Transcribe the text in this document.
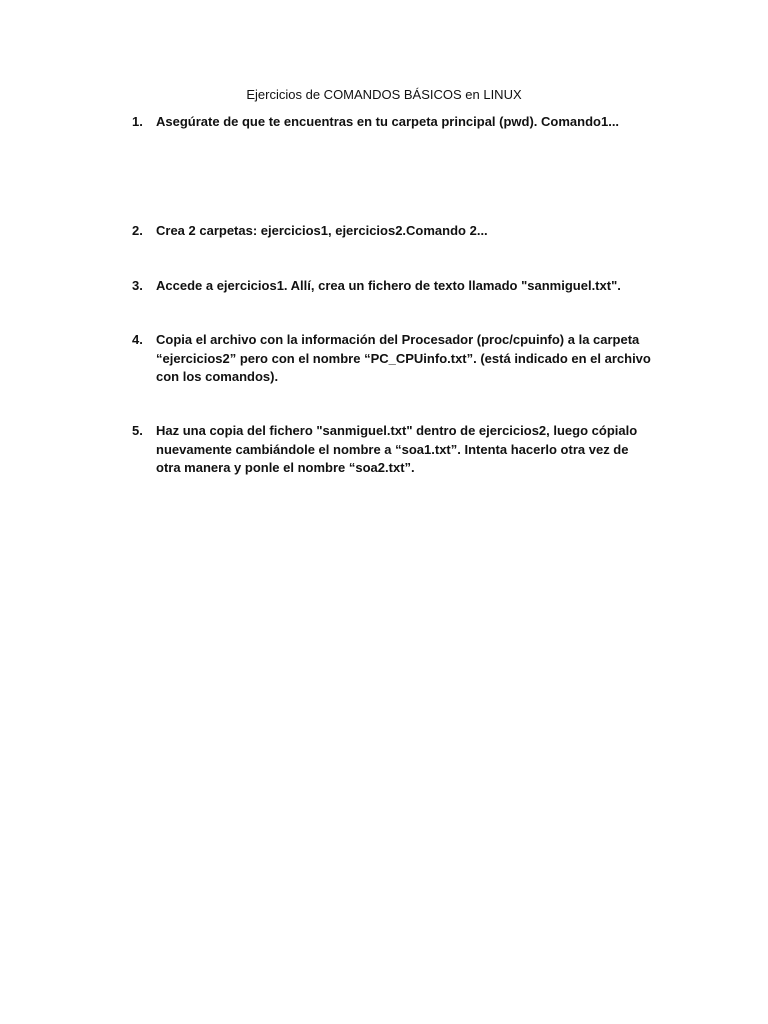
Ejercicios de COMANDOS BÁSICOS en LINUX
1.	Asegúrate de que te encuentras en tu carpeta principal (pwd). Comando1...
2.	Crea 2 carpetas: ejercicios1, ejercicios2.Comando 2...
3.	Accede a ejercicios1. Allí, crea un fichero de texto llamado "sanmiguel.txt".
4.	Copia el archivo con la información del Procesador (proc/cpuinfo) a la carpeta “ejercicios2” pero con el nombre “PC_CPUinfo.txt”. (está indicado en el archivo con los comandos).
5.	Haz una copia del fichero "sanmiguel.txt" dentro de ejercicios2, luego cópialo nuevamente cambiándole el nombre a “soa1.txt”. Intenta hacerlo otra vez de otra manera y ponle el nombre “soa2.txt”.
